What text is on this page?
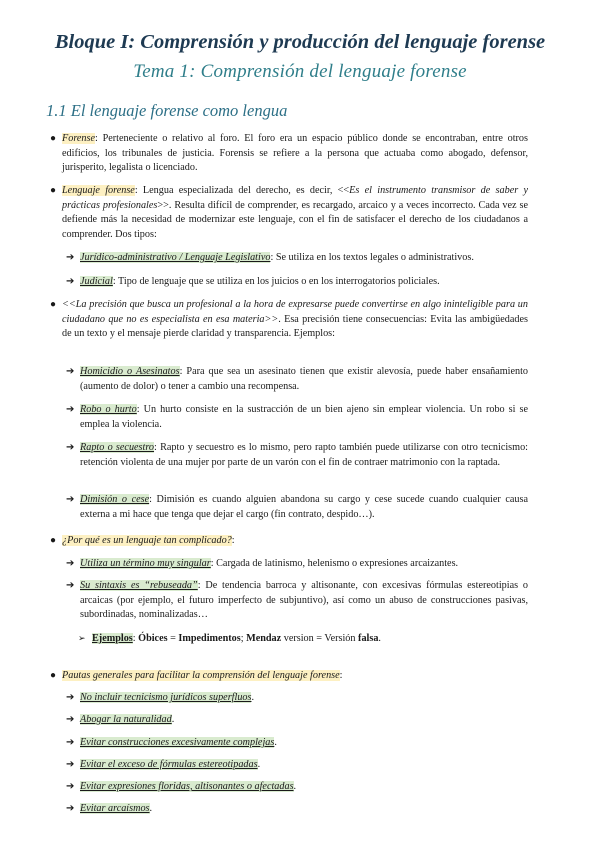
Bloque I: Comprensión y producción del lenguaje forense
Tema 1: Comprensión del lenguaje forense
1.1 El lenguaje forense como lengua
● Forense: Perteneciente o relativo al foro. El foro era un espacio público donde se encontraban, entre otros edificios, los tribunales de justicia. Forensis se refiere a la persona que actuaba como abogado, defensor, jurisperito, legalista o licenciado.
● Lenguaje forense: Lengua especializada del derecho, es decir, <<Es el instrumento transmisor de saber y prácticas profesionales>>. Resulta difícil de comprender, es recargado, arcaico y a veces incorrecto. Cada vez se defiende más la necesidad de modernizar este lenguaje, con el fin de satisfacer el derecho de los ciudadanos a comprender. Dos tipos:
➔ Jurídico-administrativo / Lenguaje Legislativo: Se utiliza en los textos legales o administrativos.
➔ Judicial: Tipo de lenguaje que se utiliza en los juicios o en los interrogatorios policiales.
● <<La precisión que busca un profesional a la hora de expresarse puede convertirse en algo ininteligible para un ciudadano que no es especialista en esa materia>>. Esa precisión tiene consecuencias: Evita las ambigüedades de un texto y el mensaje pierde claridad y transparencia. Ejemplos:
➔ Homicidio o Asesinatos: Para que sea un asesinato tienen que existir alevosía, puede haber ensañamiento (aumento de dolor) o tener a cambio una recompensa.
➔ Robo o hurto: Un hurto consiste en la sustracción de un bien ajeno sin emplear violencia. Un robo si se emplea la violencia.
➔ Rapto o secuestro: Rapto y secuestro es lo mismo, pero rapto también puede utilizarse con otro tecnicismo: retención violenta de una mujer por parte de un varón con el fin de contraer matrimonio con la raptada.
➔ Dimisión o cese: Dimisión es cuando alguien abandona su cargo y cese sucede cuando cualquier causa externa a mi hace que tenga que dejar el cargo (fin contrato, despido…).
● ¿Por qué es un lenguaje tan complicado?:
➔ Utiliza un término muy singular: Cargada de latinismo, helenismo o expresiones arcaizantes.
➔ Su sintaxis es “rebuseada”: De tendencia barroca y altisonante, con excesivas fórmulas estereotipias o arcaicas (por ejemplo, el futuro imperfecto de subjuntivo), así como un abuso de construcciones pasivas, subordinadas, nominalizadas…
➢ Ejemplos: Óbices = Impedimentos; Mendaz version = Versión falsa.
● Pautas generales para facilitar la comprensión del lenguaje forense:
➔ No incluir tecnicismo jurídicos superfluos.
➔ Abogar la naturalidad.
➔ Evitar construcciones excesivamente complejas.
➔ Evitar el exceso de fórmulas estereotipadas.
➔ Evitar expresiones floridas, altisonantes o afectadas.
➔ Evitar arcaísmos.
